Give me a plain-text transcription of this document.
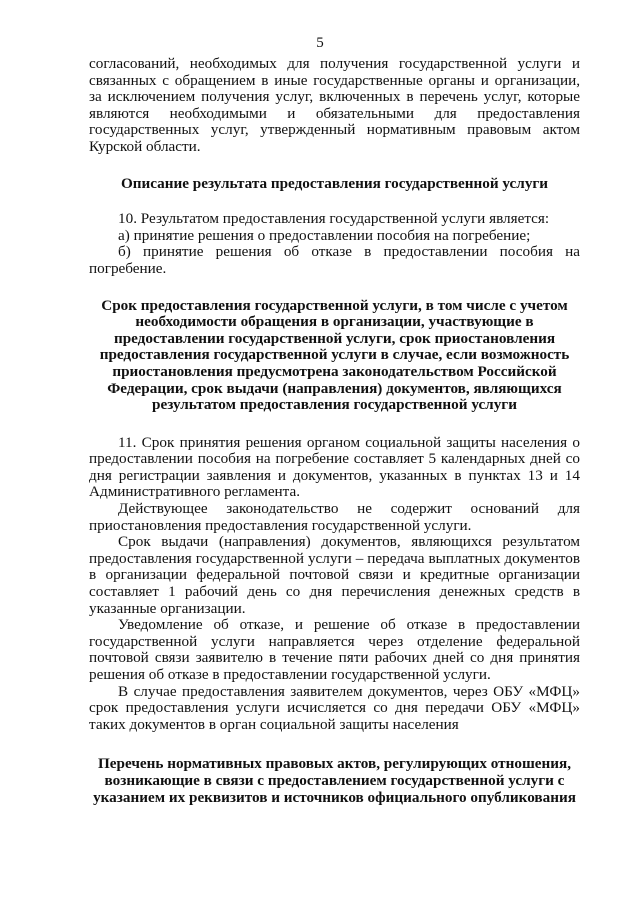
5

согласований, необходимых для получения государственной услуги и связанных с обращением в иные государственные органы и организации, за исключением получения услуг, включенных в перечень услуг, которые являются необходимыми и обязательными для предоставления государственных услуг, утвержденный нормативным правовым актом Курской области.

Описание результата предоставления государственной услуги

10. Результатом предоставления государственной услуги является:

а) принятие решения о предоставлении пособия на погребение;

б) принятие решения об отказе в предоставлении пособия на погребение.

Срок предоставления государственной услуги, в том числе с учетом необходимости обращения в организации, участвующие в предоставлении государственной услуги, срок приостановления предоставления государственной услуги в случае, если возможность приостановления предусмотрена законодательством Российской Федерации, срок выдачи (направления) документов, являющихся результатом предоставления государственной услуги

11. Срок принятия решения органом социальной защиты населения о предоставлении пособия на погребение составляет 5 календарных дней со дня регистрации заявления и документов, указанных в пунктах 13 и 14 Административного регламента.

Действующее законодательство не содержит оснований для приостановления предоставления государственной услуги.

Срок выдачи (направления) документов, являющихся результатом предоставления государственной услуги – передача выплатных документов в организации федеральной почтовой связи и кредитные организации составляет 1 рабочий день со дня перечисления денежных средств в указанные организации.

Уведомление об отказе, и решение об отказе в предоставлении государственной услуги направляется через отделение федеральной почтовой связи заявителю в течение пяти рабочих дней со дня принятия решения об отказе в предоставлении государственной услуги.

В случае предоставления заявителем документов, через ОБУ «МФЦ» срок предоставления услуги исчисляется со дня передачи ОБУ «МФЦ» таких документов в орган социальной защиты населения

Перечень нормативных правовых актов, регулирующих отношения, возникающие в связи с предоставлением государственной услуги с указанием их реквизитов и источников официального опубликования
